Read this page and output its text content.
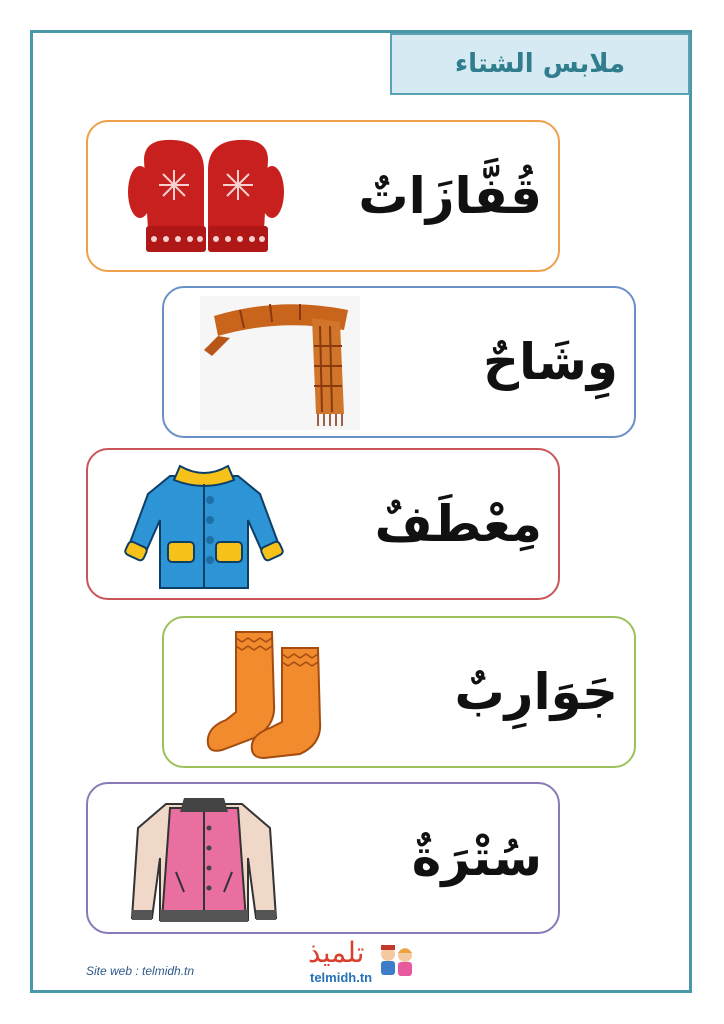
ملابس الشتاء
قُفَّازَاتٌ
وِشَاحٌ
مِعْطَفٌ
جَوَارِبٌ
سُتْرَةٌ
Site web : telmidh.tn
تلميذ
telmidh.tn
